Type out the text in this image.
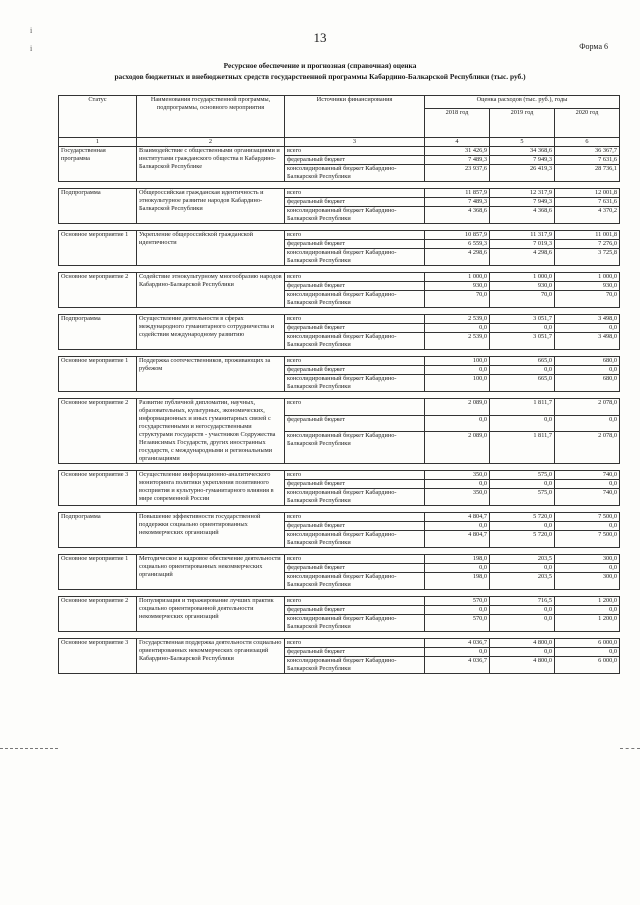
і
і
13
Форма 6
Ресурсное обеспечение и прогнозная (справочная) оценка
расходов бюджетных и внебюджетных средств государственной программы Кабардино-Балкарской Республики (тыс. руб.)
Статус	Наименования государственной программы, подпрограммы, основного мероприятия	Источники финансирования	Оценка расходов (тыс. руб.), годы		
			2018 год	2019 год	2020 год
1	2	3	4	5	6
Государственная программа	Взаимодействие с общественными организациями и институтами гражданского общества в Кабардино-Балкарской Республике	всего	31 426,9	34 368,6	36 367,7
		федеральный бюджет	7 489,3	7 949,3	7 631,6
		консолидированный бюджет Кабардино-Балкарской Республики	23 937,6	26 419,3	28 736,1

Подпрограмма	Общероссийская гражданская идентичность и этнокультурное развитие народов Кабардино-Балкарской Республики	всего	11 857,9	12 317,9	12 001,8
		федеральный бюджет	7 489,3	7 949,3	7 631,6
		консолидированный бюджет Кабардино-Балкарской Республики	4 368,6	4 368,6	4 370,2

Основное мероприятие 1	Укрепление общероссийской гражданской идентичности	всего	10 857,9	11 317,9	11 001,8
		федеральный бюджет	6 559,3	7 019,3	7 276,0
		консолидированный бюджет Кабардино-Балкарской Республики	4 298,6	4 298,6	3 725,8

Основное мероприятие 2	Содействие этнокультурному многообразию народов Кабардино-Балкарской Республики	всего	1 000,0	1 000,0	1 000,0
		федеральный бюджет	930,0	930,0	930,0
		консолидированный бюджет Кабардино-Балкарской Республики	70,0	70,0	70,0

Подпрограмма	Осуществление деятельности в сферах международного гуманитарного сотрудничества и содействия международному развитию	всего	2 539,0	3 051,7	3 498,0
		федеральный бюджет	0,0	0,0	0,0
		консолидированный бюджет Кабардино-Балкарской Республики	2 539,0	3 051,7	3 498,0

Основное мероприятие 1	Поддержка соотечественников, проживающих за рубежом	всего	100,0	665,0	680,0
		федеральный бюджет	0,0	0,0	0,0
		консолидированный бюджет Кабардино-Балкарской Республики	100,0	665,0	680,0

Основное мероприятие 2	Развитие публичной дипломатии, научных, образовательных, культурных, экономических, информационных и иных гуманитарных связей с государственными и негосударственными структурами государств - участников Содружества Независимых Государств, других иностранных государств, с международными и региональными организациями	всего	2 089,0	1 811,7	2 078,0
		федеральный бюджет	0,0	0,0	0,0
		консолидированный бюджет Кабардино-Балкарской Республики	2 089,0	1 811,7	2 078,0

Основное мероприятие 3	Осуществление информационно-аналитического мониторинга политики укрепления позитивного восприятия и культурно-гуманитарного влияния в мире современной России	всего	350,0	575,0	740,0
		федеральный бюджет	0,0	0,0	0,0
		консолидированный бюджет Кабардино-Балкарской Республики	350,0	575,0	740,0

Подпрограмма	Повышение эффективности государственной поддержки социально ориентированных некоммерческих организаций	всего	4 804,7	5 720,0	7 500,0
		федеральный бюджет	0,0	0,0	0,0
		консолидированный бюджет Кабардино-Балкарской Республики	4 804,7	5 720,0	7 500,0

Основное мероприятие 1	Методическое и кадровое обеспечение деятельности социально ориентированных некоммерческих организаций	всего	198,0	203,5	300,0
		федеральный бюджет	0,0	0,0	0,0
		консолидированный бюджет Кабардино-Балкарской Республики	198,0	203,5	300,0

Основное мероприятие 2	Популяризация и тиражирование лучших практик социально ориентированной деятельности некоммерческих организаций	всего	570,0	716,5	1 200,0
		федеральный бюджет	0,0	0,0	0,0
		консолидированный бюджет Кабардино-Балкарской Республики	570,0	0,0	1 200,0

Основное мероприятие 3	Государственная поддержка деятельности социально ориентированных некоммерческих организаций Кабардино-Балкарской Республики	всего	4 036,7	4 800,0	6 000,0
		федеральный бюджет	0,0	0,0	0,0
		консолидированный бюджет Кабардино-Балкарской Республики	4 036,7	4 800,0	6 000,0
